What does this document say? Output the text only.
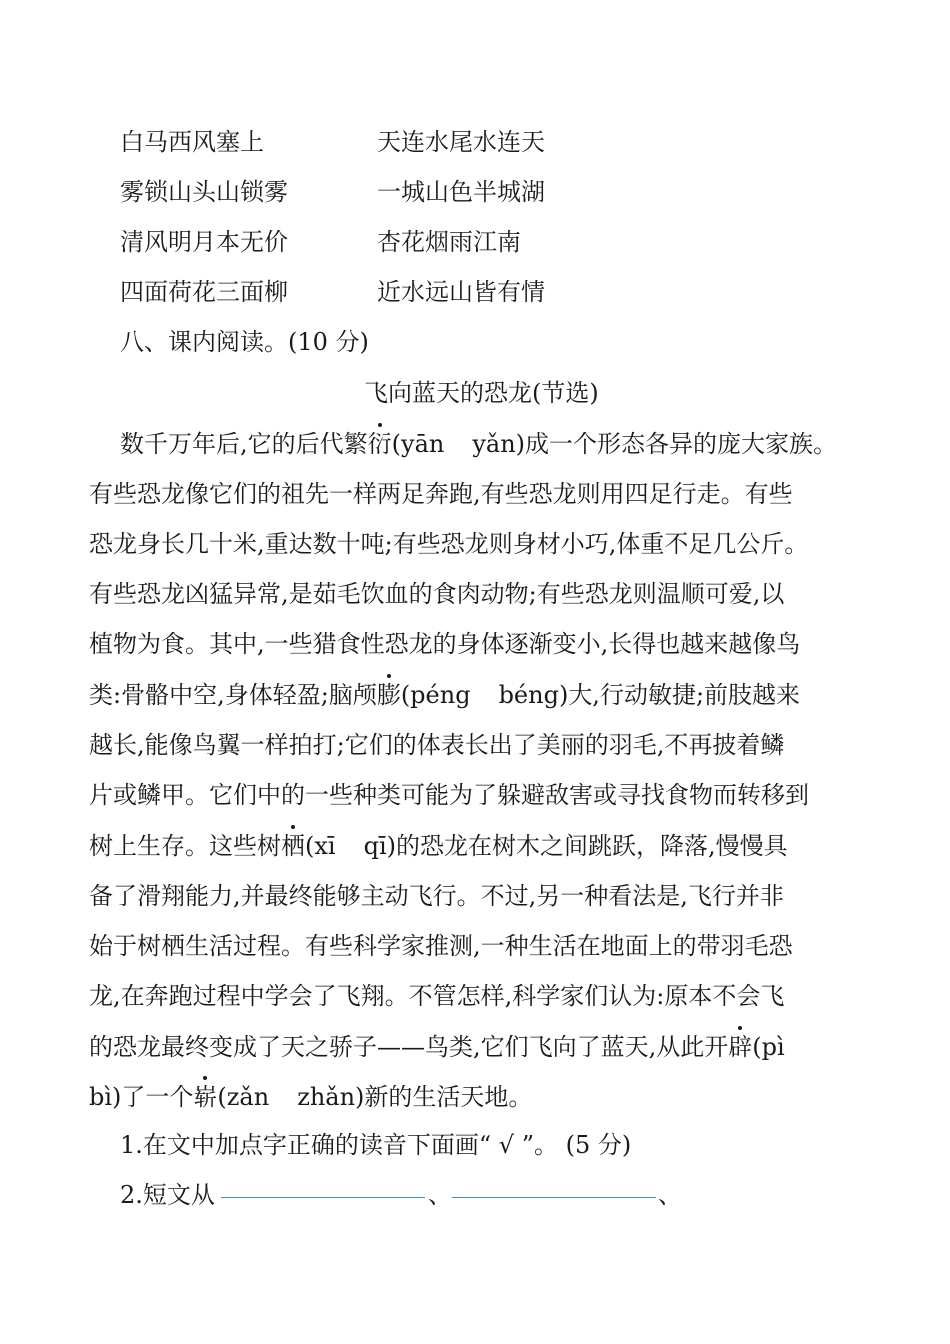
白马西风塞上	天连水尾水连天
雾锁山头山锁雾	一城山色半城湖
清风明月本无价	杏花烟雨江南
四面荷花三面柳	近水远山皆有情
八、课内阅读。(10 分)
飞向蓝天的恐龙(节选)
数千万年后,它的后代繁衍(yān yǎn)成一个形态各异的庞大家族。
有些恐龙像它们的祖先一样两足奔跑,有些恐龙则用四足行走。有些
恐龙身长几十米,重达数十吨;有些恐龙则身材小巧,体重不足几公斤。
有些恐龙凶猛异常,是茹毛饮血的食肉动物;有些恐龙则温顺可爱,以
植物为食。其中,一些猎食性恐龙的身体逐渐变小,长得也越来越像鸟
类:骨骼中空,身体轻盈;脑颅膨(péng béng)大,行动敏捷;前肢越来
越长,能像鸟翼一样拍打;它们的体表长出了美丽的羽毛,不再披着鳞
片或鳞甲。它们中的一些种类可能为了躲避敌害或寻找食物而转移到
树上生存。这些树栖(xī qī)的恐龙在树木之间跳跃，降落,慢慢具
备了滑翔能力,并最终能够主动飞行。不过,另一种看法是,飞行并非
始于树栖生活过程。有些科学家推测,一种生活在地面上的带羽毛恐
龙,在奔跑过程中学会了飞翔。不管怎样,科学家们认为:原本不会飞
的恐龙最终变成了天之骄子——鸟类,它们飞向了蓝天,从此开辟(pì
bì)了一个崭(zǎn zhǎn)新的生活天地。
1.在文中加点字正确的读音下面画“ √ ”。 (5 分)
2.短文从	、	、
